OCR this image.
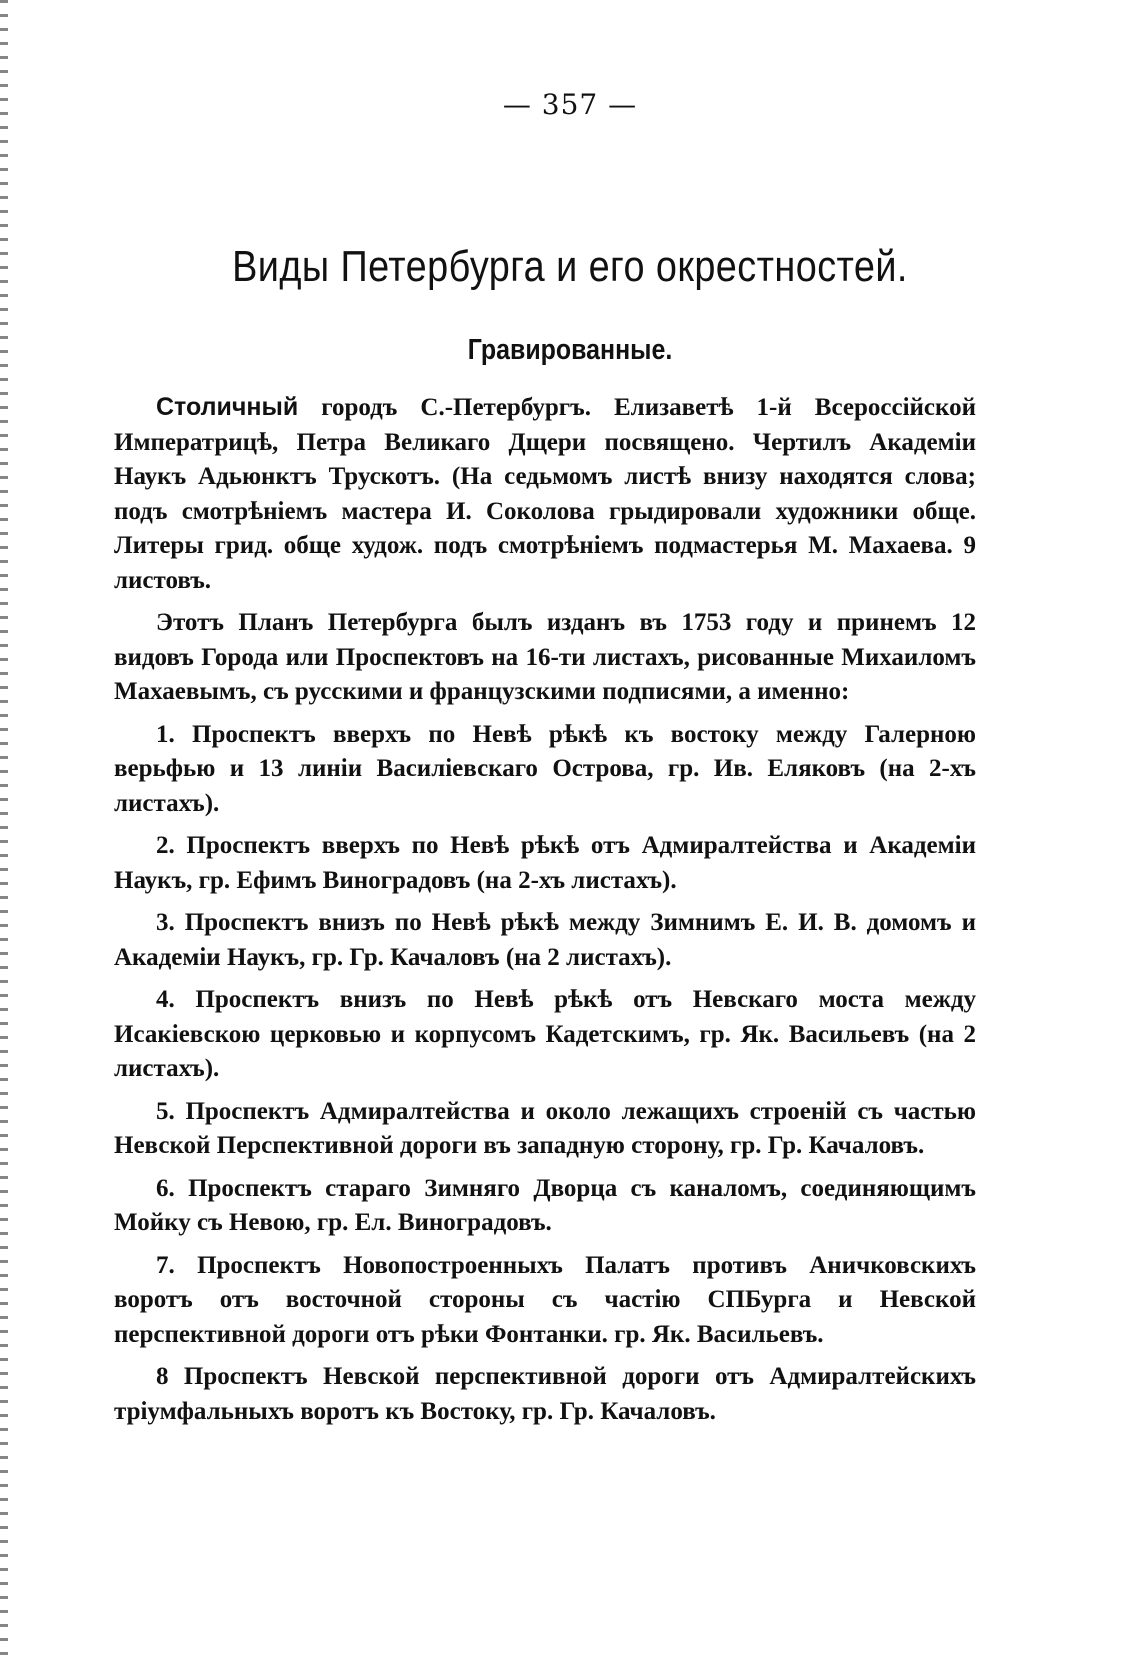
— 357 —
Виды Петербурга и его окрестностей.
Гравированные.

Столичный городъ С.-Петербургъ. Елизаветѣ 1-й Всероссійской Императрицѣ, Петра Великаго Дщери посвящено. Чертилъ Академіи Наукъ Адьюнктъ Трускотъ. (На седьмомъ листѣ внизу находятся слова; подъ смотрѣніемъ мастера И. Соколова грыдировали художники обще. Литеры грид. обще худож. подъ смотрѣніемъ подмастерья М. Махаева. 9 листовъ.

Этотъ Планъ Петербурга былъ изданъ въ 1753 году и принемъ 12 видовъ Города или Проспектовъ на 16-ти листахъ, рисованные Михаиломъ Махаевымъ, съ русскими и французскими подписями, а именно:

1. Проспектъ вверхъ по Невѣ рѣкѣ къ востоку между Галерною верьфью и 13 линіи Василіевскаго Острова, гр. Ив. Еляковъ (на 2-хъ листахъ).
2. Проспектъ вверхъ по Невѣ рѣкѣ отъ Адмиралтейства и Академіи Наукъ, гр. Ефимъ Виноградовъ (на 2-хъ листахъ).
3. Проспектъ внизъ по Невѣ рѣкѣ между Зимнимъ Е. И. В. домомъ и Академіи Наукъ, гр. Гр. Качаловъ (на 2 листахъ).
4. Проспектъ внизъ по Невѣ рѣкѣ отъ Невскаго моста между Исакіевскою церковью и корпусомъ Кадетскимъ, гр. Як. Васильевъ (на 2 листахъ).
5. Проспектъ Адмиралтейства и около лежащихъ строеній съ частью Невской Перспективной дороги въ западную сторону, гр. Гр. Качаловъ.
6. Проспектъ стараго Зимняго Дворца съ каналомъ, соединяющимъ Мойку съ Невою, гр. Ел. Виноградовъ.
7. Проспектъ Новопостроенныхъ Палатъ противъ Аничковскихъ воротъ отъ восточной стороны съ частію СПБурга и Невской перспективной дороги отъ рѣки Фонтанки. гр. Як. Васильевъ.
8 Проспектъ Невской перспективной дороги отъ Адмиралтейскихъ тріумфальныхъ воротъ къ Востоку, гр. Гр. Качаловъ.
